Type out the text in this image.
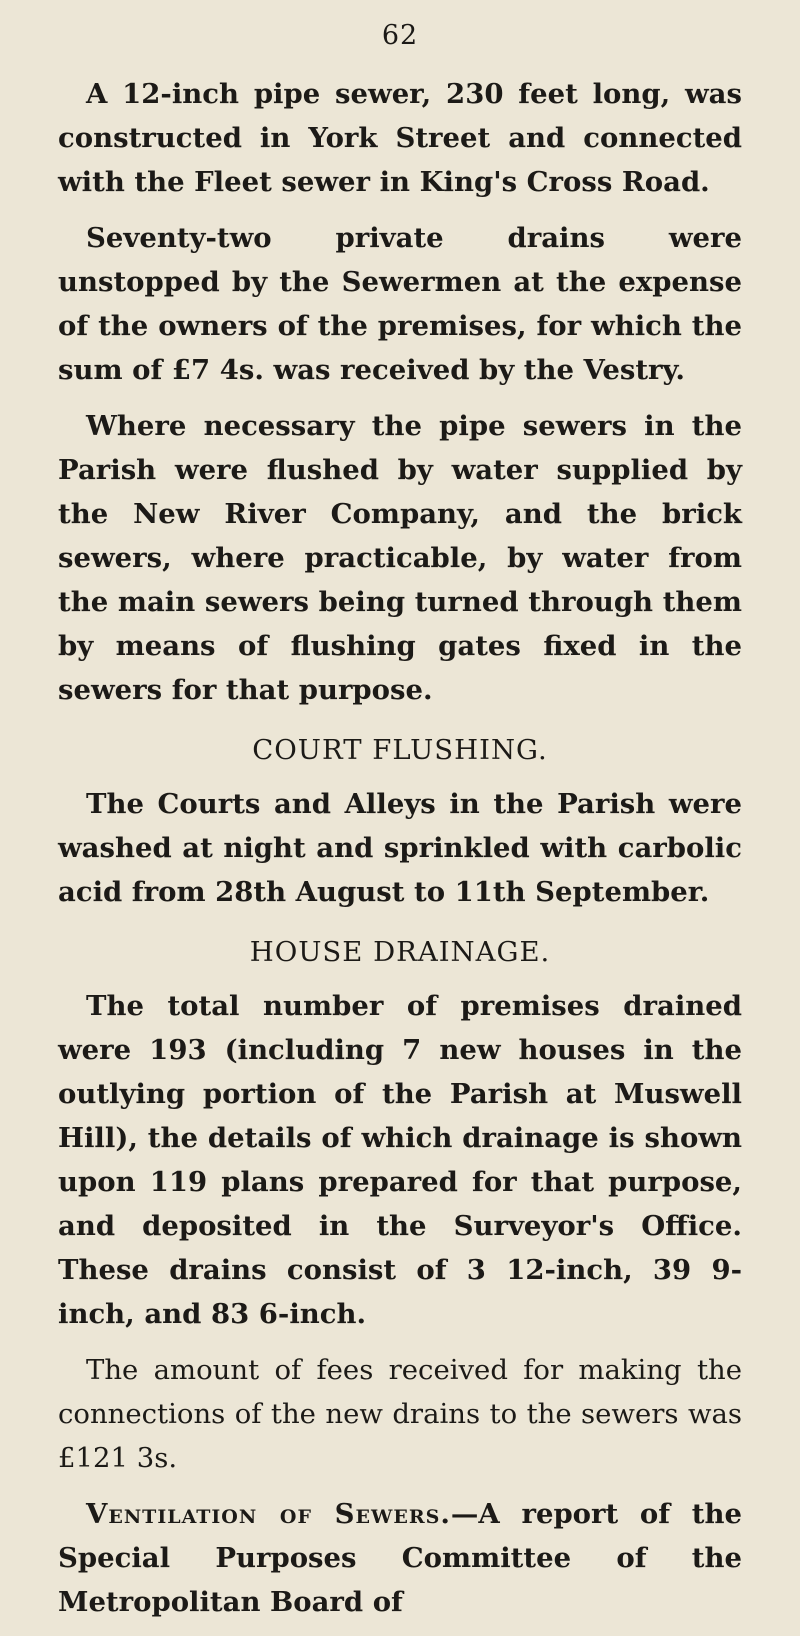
62

A 12-inch pipe sewer, 230 feet long, was constructed in York Street and connected with the Fleet sewer in King's Cross Road.

Seventy-two private drains were unstopped by the Sewermen at the expense of the owners of the premises, for which the sum of £7 4s. was received by the Vestry.

Where necessary the pipe sewers in the Parish were flushed by water supplied by the New River Company, and the brick sewers, where practicable, by water from the main sewers being turned through them by means of flushing gates fixed in the sewers for that purpose.

COURT FLUSHING.

The Courts and Alleys in the Parish were washed at night and sprinkled with carbolic acid from 28th August to 11th September.

HOUSE DRAINAGE.

The total number of premises drained were 193 (including 7 new houses in the outlying portion of the Parish at Muswell Hill), the details of which drainage is shown upon 119 plans prepared for that purpose, and deposited in the Surveyor's Office. These drains consist of 3 12-inch, 39 9-inch, and 83 6-inch.

The amount of fees received for making the connections of the new drains to the sewers was £121 3s.

Ventilation of Sewers.—A report of the Special Purposes Committee of the Metropolitan Board of
